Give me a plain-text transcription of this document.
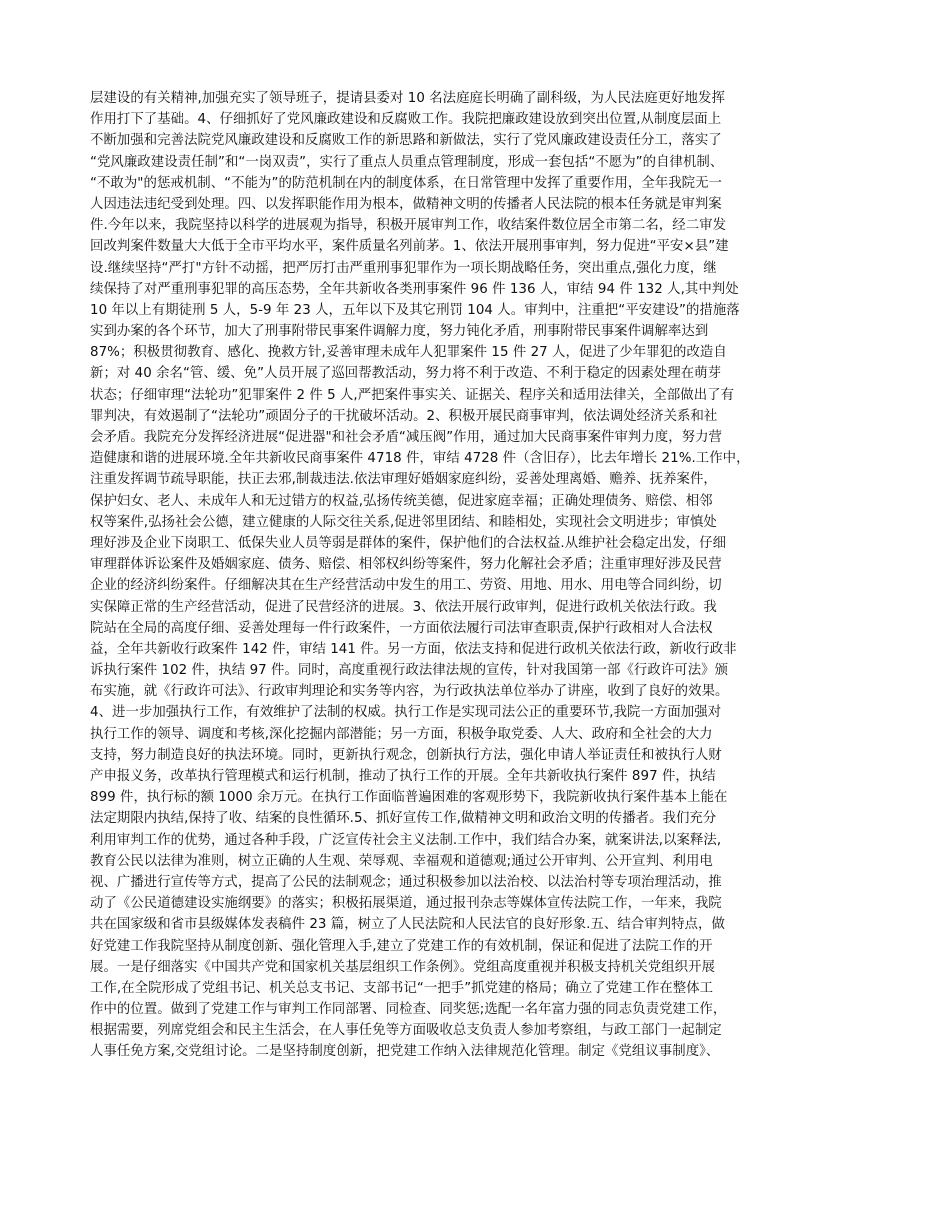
层建设的有关精神,加强充实了领导班子，提请县委对 10 名法庭庭长明确了副科级，为人民法庭更好地发挥
作用打下了基础。4、仔细抓好了党风廉政建设和反腐败工作。我院把廉政建设放到突出位置,从制度层面上
不断加强和完善法院党风廉政建设和反腐败工作的新思路和新做法，实行了党风廉政建设责任分工，落实了
“党风廉政建设责任制”和“一岗双责”，实行了重点人员重点管理制度，形成一套包括“不愿为”的自律机制、
“不敢为"的惩戒机制、“不能为”的防范机制在内的制度体系，在日常管理中发挥了重要作用，全年我院无一
人因违法违纪受到处理。四、以发挥职能作用为根本，做精神文明的传播者人民法院的根本任务就是审判案
件.今年以来，我院坚持以科学的进展观为指导，积极开展审判工作，收结案件数位居全市第二名，经二审发
回改判案件数量大大低于全市平均水平，案件质量名列前茅。1、依法开展刑事审判，努力促进“平安×县”建
设.继续坚持“严打"方针不动摇，把严厉打击严重刑事犯罪作为一项长期战略任务，突出重点,强化力度，继
续保持了对严重刑事犯罪的高压态势，全年共新收各类刑事案件 96 件 136 人，审结 94 件 132 人,其中判处
10 年以上有期徒刑 5 人，5-9 年 23 人，五年以下及其它刑罚 104 人。审判中，注重把“平安建设”的措施落
实到办案的各个环节，加大了刑事附带民事案件调解力度，努力钝化矛盾，刑事附带民事案件调解率达到
87%；积极贯彻教育、感化、挽救方针,妥善审理未成年人犯罪案件 15 件 27 人，促进了少年罪犯的改造自
新；对 40 余名“管、缓、免”人员开展了巡回帮教活动，努力将不利于改造、不利于稳定的因素处理在萌芽
状态；仔细审理“法轮功”犯罪案件 2 件 5 人,严把案件事实关、证据关、程序关和适用法律关，全部做出了有
罪判决，有效遏制了“法轮功”顽固分子的干扰破坏活动。2、积极开展民商事审判，依法调处经济关系和社
会矛盾。我院充分发挥经济进展“促进器"和社会矛盾“减压阀”作用，通过加大民商事案件审判力度，努力营
造健康和谐的进展环境.全年共新收民商事案件 4718 件，审结 4728 件（含旧存），比去年增长 21%.工作中，
注重发挥调节疏导职能，扶正去邪,制裁违法.依法审理好婚姻家庭纠纷，妥善处理离婚、赡养、抚养案件，
保护妇女、老人、未成年人和无过错方的权益,弘扬传统美德，促进家庭幸福；正确处理债务、赔偿、相邻
权等案件,弘扬社会公德，建立健康的人际交往关系,促进邻里团结、和睦相处，实现社会文明进步；审慎处
理好涉及企业下岗职工、低保失业人员等弱是群体的案件，保护他们的合法权益.从维护社会稳定出发，仔细
审理群体诉讼案件及婚姻家庭、债务、赔偿、相邻权纠纷等案件，努力化解社会矛盾；注重审理好涉及民营
企业的经济纠纷案件。仔细解决其在生产经营活动中发生的用工、劳资、用地、用水、用电等合同纠纷，切
实保障正常的生产经营活动，促进了民营经济的进展。3、依法开展行政审判，促进行政机关依法行政。我
院站在全局的高度仔细、妥善处理每一件行政案件，一方面依法履行司法审查职责,保护行政相对人合法权
益，全年共新收行政案件 142 件，审结 141 件。另一方面，依法支持和促进行政机关依法行政，新收行政非
诉执行案件 102 件，执结 97 件。同时，高度重视行政法律法规的宣传，针对我国第一部《行政许可法》颁
布实施，就《行政许可法》、行政审判理论和实务等内容，为行政执法单位举办了讲座，收到了良好的效果。
4、进一步加强执行工作，有效维护了法制的权威。执行工作是实现司法公正的重要环节,我院一方面加强对
执行工作的领导、调度和考核,深化挖掘内部潜能；另一方面，积极争取党委、人大、政府和全社会的大力
支持，努力制造良好的执法环境。同时，更新执行观念，创新执行方法，强化申请人举证责任和被执行人财
产申报义务，改革执行管理模式和运行机制，推动了执行工作的开展。全年共新收执行案件 897 件，执结
899 件，执行标的额 1000 余万元。在执行工作面临普遍困难的客观形势下，我院新收执行案件基本上能在
法定期限内执结,保持了收、结案的良性循环.5、抓好宣传工作,做精神文明和政治文明的传播者。我们充分
利用审判工作的优势，通过各种手段，广泛宣传社会主义法制.工作中，我们结合办案，就案讲法,以案释法,
教育公民以法律为准则，树立正确的人生观、荣辱观、幸福观和道德观;通过公开审判、公开宣判、利用电
视、广播进行宣传等方式，提高了公民的法制观念；通过积极参加以法治校、以法治村等专项治理活动，推
动了《公民道德建设实施纲要》的落实；积极拓展渠道，通过报刊杂志等媒体宣传法院工作，一年来，我院
共在国家级和省市县级媒体发表稿件 23 篇，树立了人民法院和人民法官的良好形象.五、结合审判特点，做
好党建工作我院坚持从制度创新、强化管理入手,建立了党建工作的有效机制，保证和促进了法院工作的开
展。一是仔细落实《中国共产党和国家机关基层组织工作条例》。党组高度重视并积极支持机关党组织开展
工作,在全院形成了党组书记、机关总支书记、支部书记“一把手”抓党建的格局；确立了党建工作在整体工
作中的位置。做到了党建工作与审判工作同部署、同检查、同奖惩;选配一名年富力强的同志负责党建工作，
根据需要，列席党组会和民主生活会，在人事任免等方面吸收总支负责人参加考察组，与政工部门一起制定
人事任免方案,交党组讨论。二是坚持制度创新，把党建工作纳入法律规范化管理。制定《党组议事制度》、
